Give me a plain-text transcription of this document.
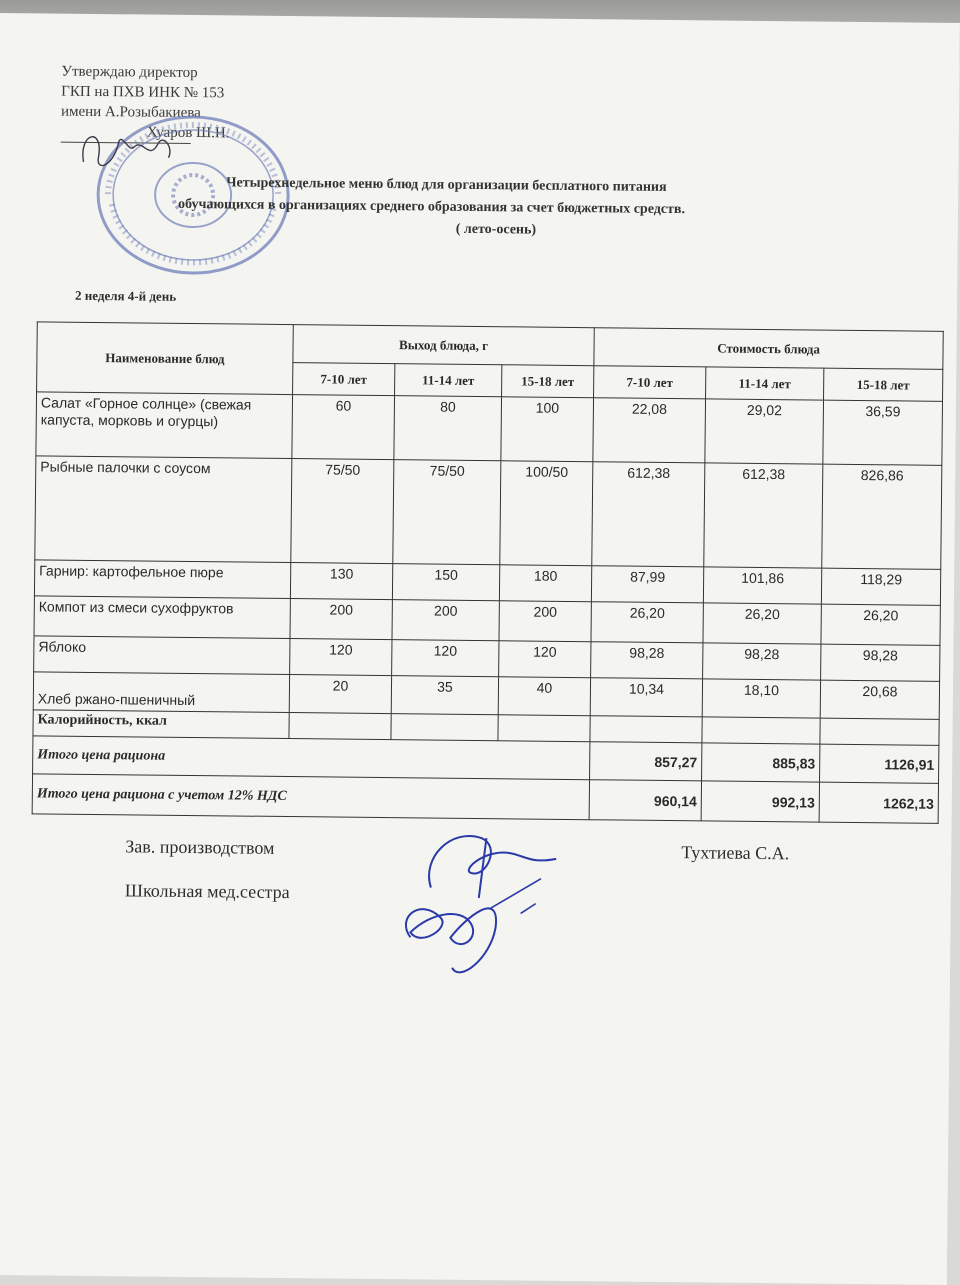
Утверждаю директор
ГКП на ПХВ ИНК № 153
имени А.Розыбакиева
Хуаров Ш.Н.
Четырехнедельное меню блюд для организации бесплатного питания
обучающихся в организациях среднего образования за счет бюджетных средств.
( лето-осень)
2 неделя 4-й день
Наименование блюд	Выход блюда, г			Стоимость блюда		
	7-10 лет	11-14 лет	15-18 лет	7-10 лет	11-14 лет	15-18 лет
Салат «Горное солнце» (свежая капуста, морковь и огурцы)	60	80	100	22,08	29,02	36,59
Рыбные палочки с соусом	75/50	75/50	100/50	612,38	612,38	826,86
Гарнир: картофельное пюре	130	150	180	87,99	101,86	118,29
Компот из смеси сухофруктов	200	200	200	26,20	26,20	26,20
Яблоко	120	120	120	98,28	98,28	98,28
Хлеб ржано-пшеничный	20	35	40	10,34	18,10	20,68
Калорийность, ккал						
Итого цена рациона				857,27	885,83	1126,91
Итого цена рациона с учетом 12% НДС				960,14	992,13	1262,13
Зав. производством	Тухтиева С.А.
Школьная мед.сестра
